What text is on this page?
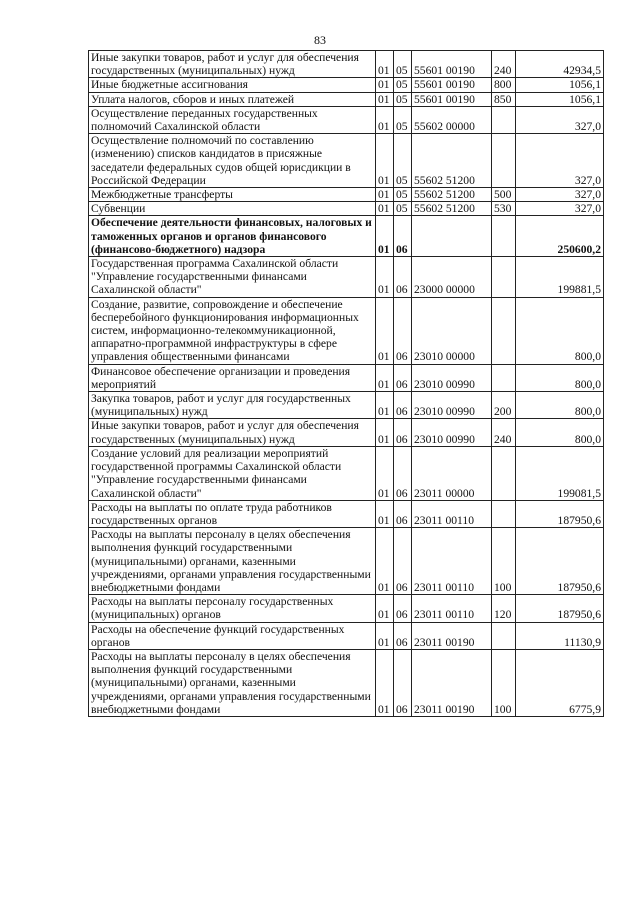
83
Иные закупки товаров, работ и услуг для обеспечения государственных (муниципальных) нужд	01	05	55601 00190	240	42934,5
Иные бюджетные ассигнования	01	05	55601 00190	800	1056,1
Уплата налогов, сборов и иных платежей	01	05	55601 00190	850	1056,1
Осуществление переданных государственных полномочий Сахалинской области	01	05	55602 00000		327,0
Осуществление полномочий по составлению (изменению) списков кандидатов в присяжные заседатели федеральных судов общей юрисдикции в Российской Федерации	01	05	55602 51200		327,0
Межбюджетные трансферты	01	05	55602 51200	500	327,0
Субвенции	01	05	55602 51200	530	327,0
Обеспечение деятельности финансовых, налоговых и таможенных органов и органов финансового (финансово-бюджетного) надзора	01	06			250600,2
Государственная программа Сахалинской области "Управление государственными финансами Сахалинской области"	01	06	23000 00000		199881,5
Создание, развитие, сопровождение и обеспечение бесперебойного функционирования информационных систем, информационно-телекоммуникационной, аппаратно-программной инфраструктуры в сфере управления общественными финансами	01	06	23010 00000		800,0
Финансовое обеспечение организации и проведения мероприятий	01	06	23010 00990		800,0
Закупка товаров, работ и услуг для государственных (муниципальных) нужд	01	06	23010 00990	200	800,0
Иные закупки товаров, работ и услуг для обеспечения государственных (муниципальных) нужд	01	06	23010 00990	240	800,0
Создание условий для реализации мероприятий государственной программы Сахалинской области "Управление государственными финансами Сахалинской области"	01	06	23011 00000		199081,5
Расходы на выплаты по оплате труда работников государственных органов	01	06	23011 00110		187950,6
Расходы на выплаты персоналу в целях обеспечения выполнения функций государственными (муниципальными) органами, казенными учреждениями, органами управления государственными внебюджетными фондами	01	06	23011 00110	100	187950,6
Расходы на выплаты персоналу государственных (муниципальных) органов	01	06	23011 00110	120	187950,6
Расходы на обеспечение функций государственных органов	01	06	23011 00190		11130,9
Расходы на выплаты персоналу в целях обеспечения выполнения функций государственными (муниципальными) органами, казенными учреждениями, органами управления государственными внебюджетными фондами	01	06	23011 00190	100	6775,9
